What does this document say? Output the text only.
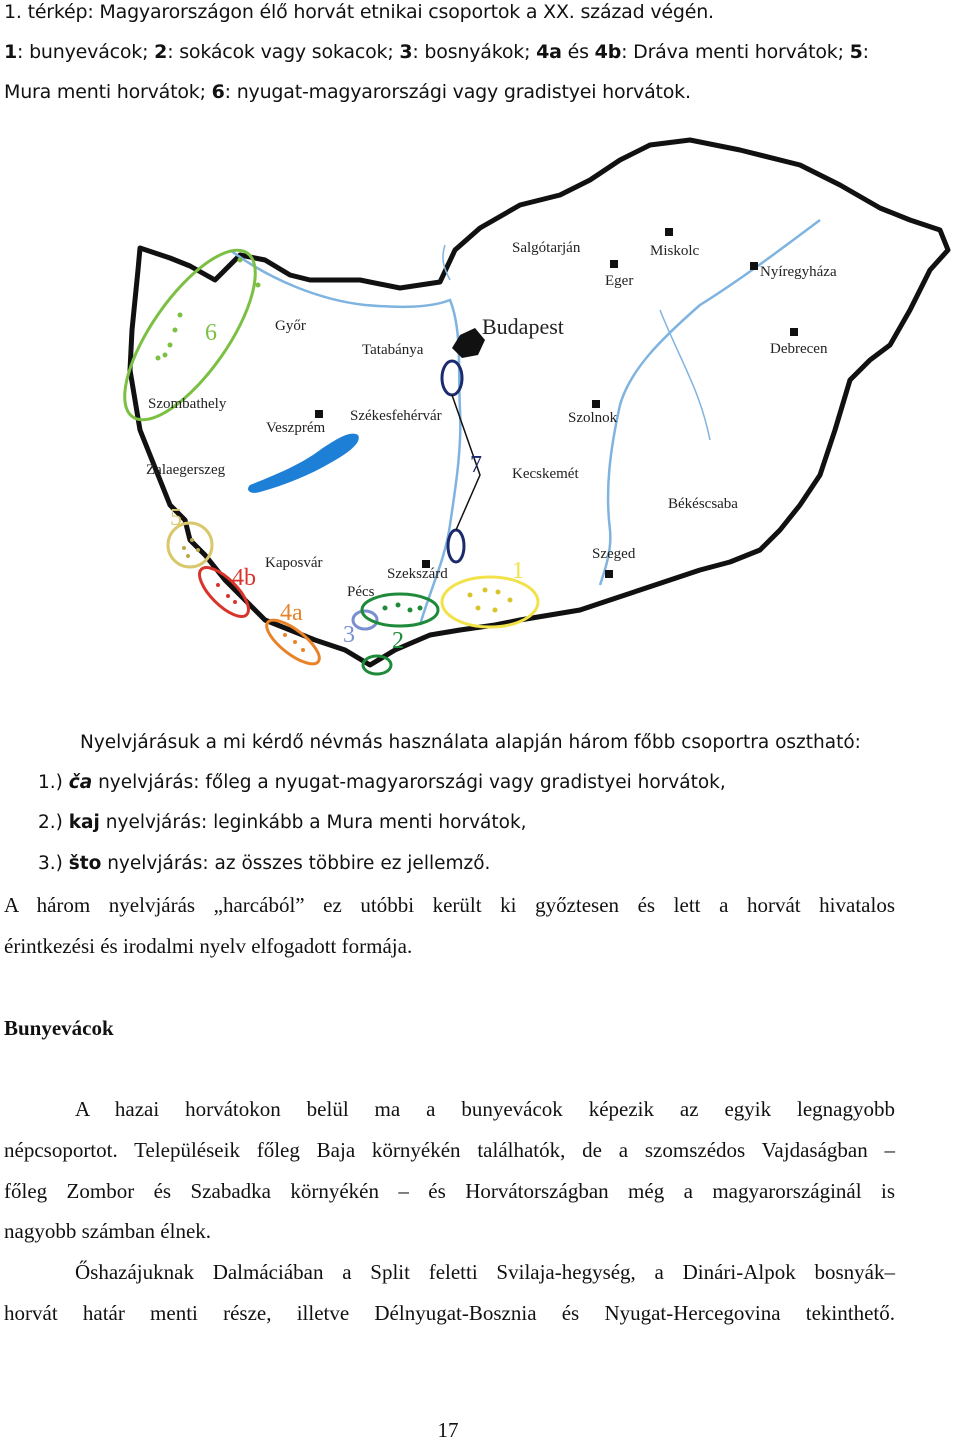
1. térkép: Magyarországon élő horvát etnikai csoportok a XX. század végén.
1: bunyevácok; 2: sokácok vagy sokacok; 3: bosnyákok; 4a és 4b: Dráva menti horvátok; 5:
Mura menti horvátok; 6: nyugat-magyarországi vagy gradistyei horvátok.
6
5
4b
4a
3 2
1
7
Salgótarján	Miskolc
Eger
Nyíregyháza
Budapest
Győr
Tatabánya	Debrecen
Szombathely
Veszprém
Székesfehérvár	Szolnok
Zalaegerszeg	Kecskemét
Békéscsaba
Kaposvár
Szekszárd
Szeged
Pécs
Nyelvjárásuk a mi kérdő névmás használata alapján három főbb csoportra osztható:
1.) ča nyelvjárás: főleg a nyugat-magyarországi vagy gradistyei horvátok,
2.) kaj nyelvjárás: leginkább a Mura menti horvátok,
3.) što nyelvjárás: az összes többire ez jellemző.
A három nyelvjárás „harcából” ez utóbbi került ki győztesen és lett a horvát hivatalos
érintkezési és irodalmi nyelv elfogadott formája.
Bunyevácok
A hazai horvátokon belül ma a bunyevácok képezik az egyik legnagyobb
népcsoportot. Településeik főleg Baja környékén találhatók, de a szomszédos Vajdaságban –
főleg Zombor és Szabadka környékén – és Horvátországban még a magyarországinál is
nagyobb számban élnek.
Őshazájuknak Dalmáciában a Split feletti Svilaja-hegység, a Dinári-Alpok bosnyák–
horvát határ menti része, illetve Délnyugat-Bosznia és Nyugat-Hercegovina tekinthető.
17
